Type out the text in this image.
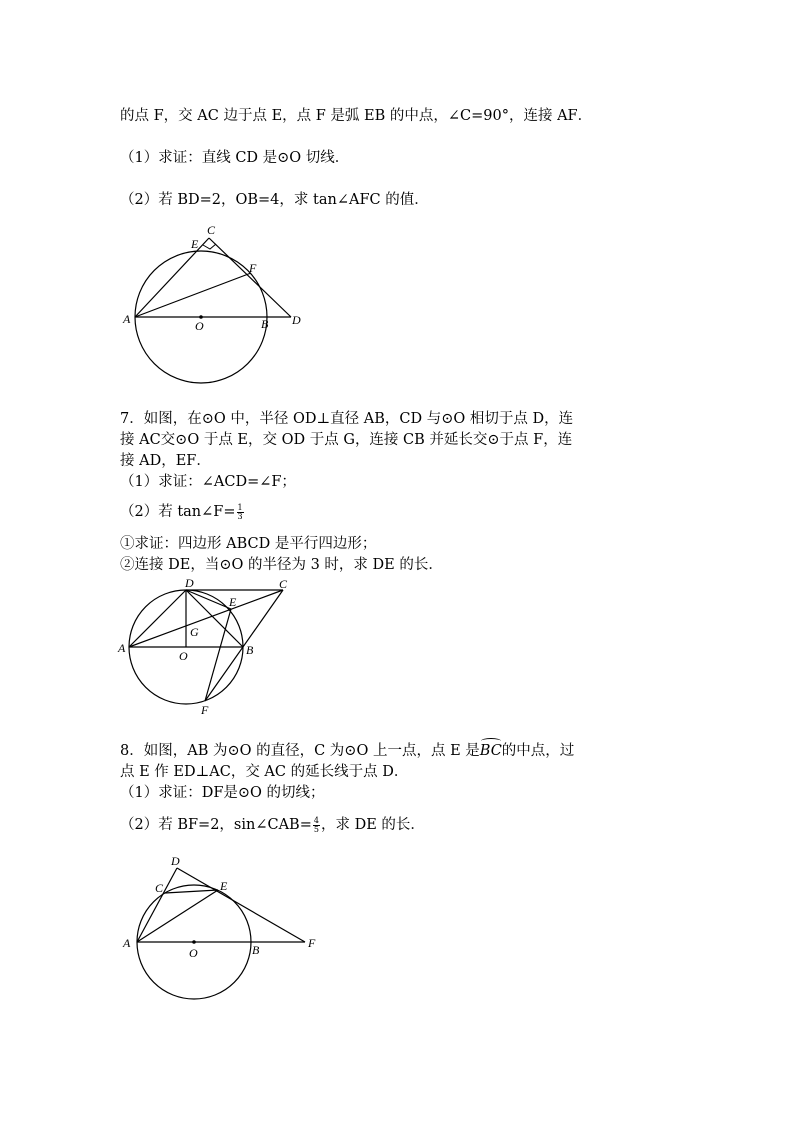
的点 F，交 AC 边于点 E，点 F 是弧 EB 的中点，∠C=90°，连接 AF．
（1）求证：直线 CD 是⊙O 切线．
（2）若 BD=2，OB=4，求 tan∠AFC 的值．
C
E
F
A	O	B D
7．如图，在⊙O 中，半径 OD⊥直径 AB，CD 与⊙O 相切于点 D，连
接 AC交⊙O 于点 E，交 OD 于点 G，连接 CB 并延长交⊙于点 F，连
接 AD，EF．
（1）求证：∠ACD=∠F；
（2）若 tan∠F= $\frac{1}{3}$
①求证：四边形 ABCD 是平行四边形；
②连接 DE，当⊙O 的半径为 3 时，求 DE 的长．
D	C
E
G
A
O	B
F
8．如图，AB 为⊙O 的直径，C 为⊙O 上一点，点 E 是BC的中点，过
点 E 作 ED⊥AC，交 AC 的延长线于点 D．
（1）求证：DF是⊙O 的切线；
（2）若 BF=2，sin∠CAB= $\frac{4}{5}$ ，求 DE 的长．
D
C	E
A
O	B	F
